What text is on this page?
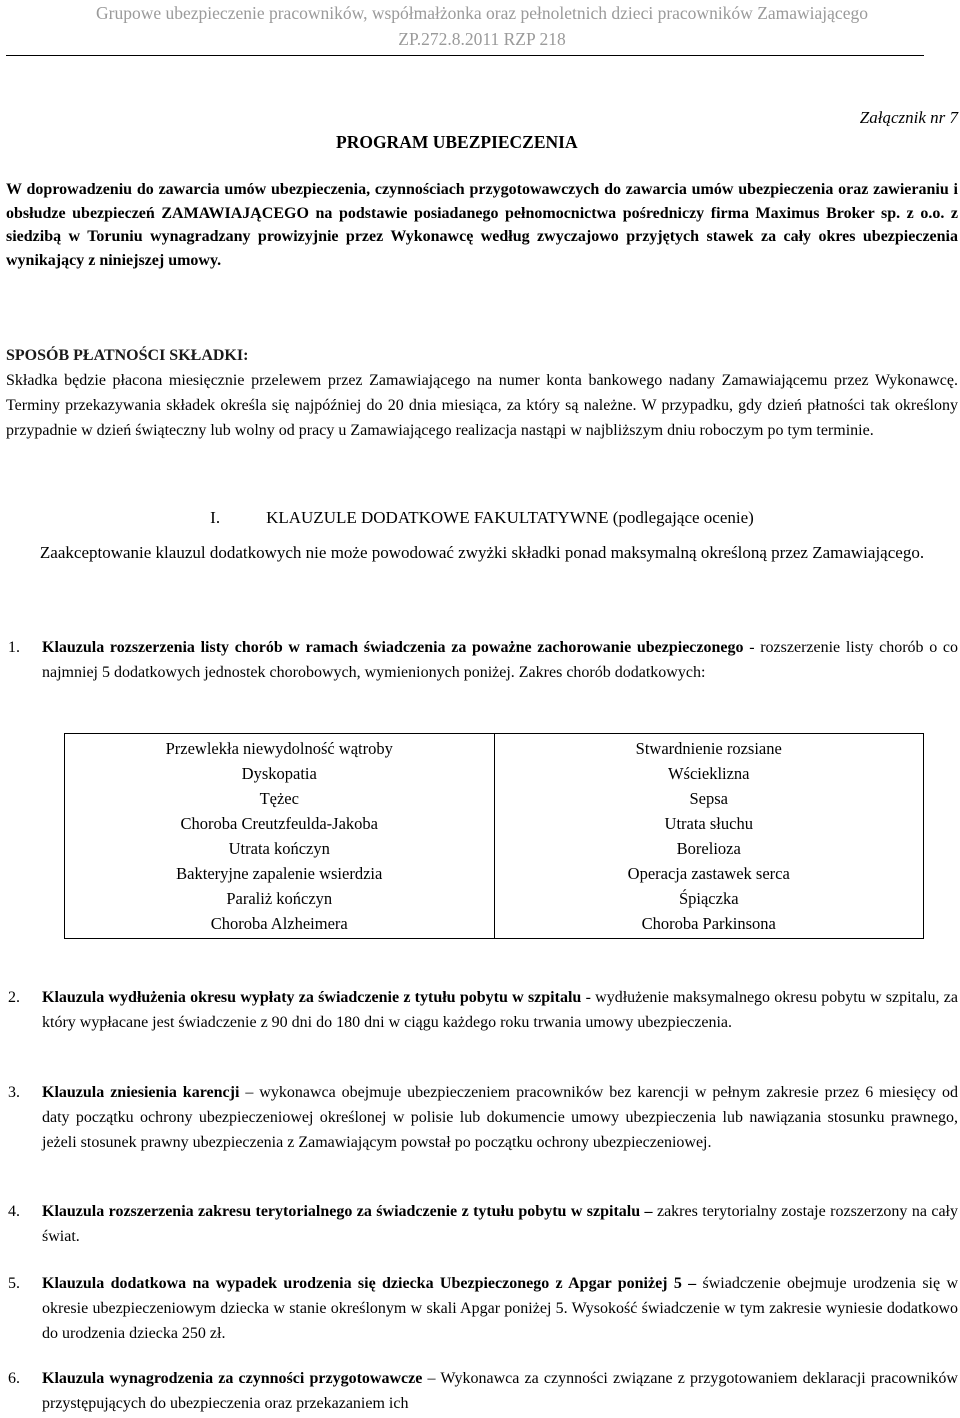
Grupowe ubezpieczenie pracowników, współmałżonka oraz pełnoletnich dzieci pracowników Zamawiającego
ZP.272.8.2011 RZP 218
Załącznik nr 7
PROGRAM UBEZPIECZENIA
W doprowadzeniu do zawarcia umów ubezpieczenia, czynnościach przygotowawczych do zawarcia umów ubezpieczenia oraz zawieraniu i obsłudze ubezpieczeń ZAMAWIAJĄCEGO na podstawie posiadanego pełnomocnictwa pośredniczy firma Maximus Broker sp. z o.o. z siedzibą w Toruniu wynagradzany prowizyjnie przez Wykonawcę według zwyczajowo przyjętych stawek za cały okres ubezpieczenia wynikający z niniejszej umowy.
SPOSÓB PŁATNOŚCI SKŁADKI:
Składka będzie płacona miesięcznie przelewem przez Zamawiającego na numer konta bankowego nadany Zamawiającemu przez Wykonawcę. Terminy przekazywania składek określa się najpóźniej do 20 dnia miesiąca, za który są należne. W przypadku, gdy dzień płatności tak określony przypadnie w dzień świąteczny lub wolny od pracy u Zamawiającego realizacja nastąpi w najbliższym dniu roboczym po tym terminie.
I.	KLAUZULE DODATKOWE FAKULTATYWNE (podlegające ocenie)
Zaakceptowanie klauzul dodatkowych nie może powodować zwyżki składki ponad maksymalną określoną przez Zamawiającego.
1. Klauzula rozszerzenia listy chorób w ramach świadczenia za poważne zachorowanie ubezpieczonego - rozszerzenie listy chorób o co najmniej 5 dodatkowych jednostek chorobowych, wymienionych poniżej. Zakres chorób dodatkowych:
Przewlekła niewydolność wątroby	Stwardnienie rozsiane
Dyskopatia	Wścieklizna
Tężec	Sepsa
Choroba Creutzfeulda-Jakoba	Utrata słuchu
Utrata kończyn	Borelioza
Bakteryjne zapalenie wsierdzia	Operacja zastawek serca
Paraliż kończyn	Śpiączka
Choroba Alzheimera	Choroba Parkinsona
2. Klauzula wydłużenia okresu wypłaty za świadczenie z tytułu pobytu w szpitalu - wydłużenie maksymalnego okresu pobytu w szpitalu, za który wypłacane jest świadczenie z 90 dni do 180 dni w ciągu każdego roku trwania umowy ubezpieczenia.
3. Klauzula zniesienia karencji – wykonawca obejmuje ubezpieczeniem pracowników bez karencji w pełnym zakresie przez 6 miesięcy od daty początku ochrony ubezpieczeniowej określonej w polisie lub dokumencie umowy ubezpieczenia lub nawiązania stosunku prawnego, jeżeli stosunek prawny ubezpieczenia z Zamawiającym powstał po początku ochrony ubezpieczeniowej.
4. Klauzula rozszerzenia zakresu terytorialnego za świadczenie z tytułu pobytu w szpitalu – zakres terytorialny zostaje rozszerzony na cały świat.
5. Klauzula dodatkowa na wypadek urodzenia się dziecka Ubezpieczonego z Apgar poniżej 5 – świadczenie obejmuje urodzenia się w okresie ubezpieczeniowym dziecka w stanie określonym w skali Apgar poniżej 5. Wysokość świadczenie w tym zakresie wyniesie dodatkowo do urodzenia dziecka 250 zł.
6. Klauzula wynagrodzenia za czynności przygotowawcze – Wykonawca za czynności związane z przygotowaniem deklaracji pracowników przystępujących do ubezpieczenia oraz przekazaniem ich
